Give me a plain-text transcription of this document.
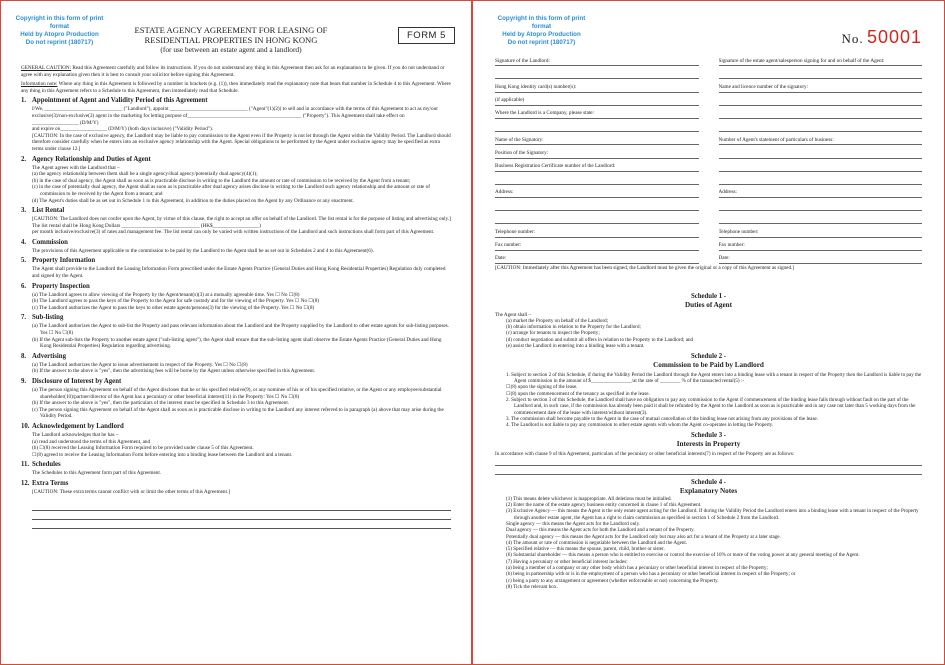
Copyright in this form of print format
Held by Atopro Production
Do not reprint (180717)
ESTATE AGENCY AGREEMENT FOR LEASING OF
RESIDENTIAL PROPERTIES IN HONG KONG
(for use between an estate agent and a landlord)
FORM 5

GENERAL CAUTION: Read this Agreement carefully and follow its instructions. If you do not understand any thing in this Agreement then ask for an explanation to be given. If you do not understand or agree with any explanation given then it is best to consult your solicitor before signing this Agreement.

Information note: Where any thing in this Agreement is followed by a number in brackets (e.g. (1)), then immediately read the explanatory note that bears that number in Schedule 4 to this Agreement. Where any thing in this Agreement refers to a Schedule to this Agreement, then immediately read that Schedule.

1. Appointment of Agent and Validity Period of this Agreement
I/We, ______________________________ ("Landlord"), appoint ______________________________ ("Agent"(1)(2)) to sell and in accordance with the terms of this Agreement to act as my/our exclusive(3)/non-exclusive(3) agent in the marketing for letting purpose of____________________________________________ ("Property"). This Agreement shall take effect on __________________ (D/M/Y)
and expire on__________________ (D/M/Y) (both days inclusive) ("Validity Period").
[CAUTION: In the case of exclusive agency, the Landlord may be liable to pay commission to the Agent even if the Property is not let through the Agent within the Validity Period. The Landlord should therefore consider carefully when he enters into an exclusive agency relationship with the Agent. Special obligations to be performed by the Agent under exclusive agency may be specified as extra terms under clause 12.]
2. Agency Relationship and Duties of Agent
The Agent agrees with the Landlord that –
(a) the agency relationship between them shall be a single agency/dual agency/potentially dual agency(4)(1);
(b) in the case of dual agency, the Agent shall as soon as is practicable disclose in writing to the Landlord the amount or rate of commission to be received by the Agent from a tenant;
(c) in the case of potentially dual agency, the Agent shall as soon as is practicable after dual agency arises disclose in writing to the Landlord such agency relationship and the amount or rate of commission to be received by the Agent from a tenant; and
(d) The Agent's duties shall be as set out in Schedule 1 to this Agreement, in addition to the duties placed on the Agent by any Ordinance or any enactment.
3. List Rental
[CAUTION: The Landlord does not confer upon the Agent, by virtue of this clause, the right to accept an offer on behalf of the Landlord. The list rental is for the purpose of listing and advertising only.]
The list rental shall be Hong Kong Dollars ______________________________ (HK$__________________)
per month inclusive/exclusive(3) of rates and management fee. The list rental can only be varied with written instructions of the Landlord and such instructions shall form part of this Agreement.
4. Commission
The provisions of this Agreement applicable to the commission to be paid by the Landlord to the Agent shall be as set out in Schedules 2 and 4 to this Agreement(6).
5. Property Information
The Agent shall provide to the Landlord the Leasing Information Form prescribed under the Estate Agents Practice (General Duties and Hong Kong Residential Properties) Regulation duly completed and signed by the Agent.
6. Property Inspection
(a) The Landlord agrees to allow viewing of the Property by the Agent/tenant(s)(3) at a mutually agreeable time. Yes ☐ No ☐(8)
(b) The Landlord agrees to pass the keys of the Property to the Agent for safe custody and for the viewing of the Property. Yes ☐ No ☐(8)
(c) The Landlord authorizes the Agent to pass the keys to other estate agents/persons(3) for the viewing of the Property. Yes ☐ No ☐(8)
7. Sub-listing
(a) The Landlord authorizes the Agent to sub-list the Property and pass relevant information about the Landlord and the Property supplied by the Landlord to other estate agents for sub-listing purposes. Yes ☐ No ☐(8)
(b) If the Agent sub-lists the Property to another estate agent ("sub-listing agent"), the Agent shall ensure that the sub-listing agent shall observe the Estate Agents Practice (General Duties and Hong Kong Residential Properties) Regulation regarding advertising.
8. Advertising
(a) The Landlord authorizes the Agent to issue advertisement in respect of the Property. Yes ☐ No ☐(8)
(b) If the answer to the above is "yes", then the advertising fees will be borne by the Agent unless otherwise specified in this Agreement.
9. Disclosure of Interest by Agent
(a) The person signing this Agreement on behalf of the Agent discloses that he or his specified relative(9), or any nominee of his or of his specified relative, or the Agent or any employee/substantial shareholder(10)/partner/director of the Agent has a pecuniary or other beneficial interest(11) in the Property: Yes ☐ No ☐(8)
(b) If the answer to the above is "yes", then the particulars of the interest must be specified in Schedule 3 to this Agreement.
(c) The person signing this Agreement on behalf of the Agent shall as soon as is practicable disclose in writing to the Landlord any interest referred to in paragraph (a) above that may arise during the Validity Period.
10. Acknowledgement by Landlord
The Landlord acknowledges that he has –
(a) read and understood the terms of this Agreement, and
(b) ☐(8) received the Leasing Information Form required to be provided under clause 5 of this Agreement.
☐(8) agreed to receive the Leasing Information Form before entering into a binding lease between the Landlord and a tenant.
11. Schedules
The Schedules to this Agreement form part of this Agreement.
12. Extra Terms
[CAUTION: These extra terms cannot conflict with or limit the other terms of this Agreement.]
Copyright in this form of print format
Held by Atopro Production
Do not reprint (180717)	No. 50001
Signature of the Landlord:
Hong Kong identity card(s) number(s):
(if applicable)
Where the Landlord is a Company, please state:
Name of the Signatory:
Position of the Signatory:
Business Registration Certificate number of the Landlord:
Address:
Telephone number:
Fax number:
Date:
Signature of the estate agent/salesperson signing for and on behalf of the Agent:
Name and licence number of the signatory:
Number of Agent's statement of particulars of business:
Address:
Telephone number:
Fax number:
Date:
[CAUTION: Immediately after this Agreement has been signed, the Landlord must be given the original or a copy of this Agreement as signed.]
Schedule 1 -
Duties of Agent
The Agent shall –
(a) market the Property on behalf of the Landlord;
(b) obtain information in relation to the Property for the Landlord;
(c) arrange for tenants to inspect the Property;
(d) conduct negotiation and submit all offers in relation to the Property to the Landlord; and
(e) assist the Landlord in entering into a binding lease with a tenant.
Schedule 2 -
Commission to be Paid by Landlord
1. Subject to section 2 of this Schedule, if during the Validity Period the Landlord through the Agent enters into a binding lease with a tenant in respect of the Property then the Landlord is liable to pay the Agent commission in the amount of $________________/at the rate of ________ % of the transacted rental(5) :-
☐(8) upon the signing of the lease.
☐(8) upon the commencement of the tenancy as specified in the lease.
2. Subject to section 3 of this Schedule, the Landlord shall have no obligation to pay any commission to the Agent if commencement of the binding lease falls through without fault on the part of the Landlord and, in such case, if the commission has already been paid it shall be refunded by the Agent to the Landlord as soon as is practicable and in any case not later than 5 working days from the commencement date of the lease with interest/without interest(3).
3. The commission shall become payable to the Agent in the case of mutual cancellation of the binding lease not arising from any provisions of the lease.
4. The Landlord is not liable to pay any commission to other estate agents with whom the Agent co-operates in letting the Property.
Schedule 3 -
Interests in Property
In accordance with clause 9 of this Agreement, particulars of the pecuniary or other beneficial interests(7) in respect of the Property are as follows:
Schedule 4 -
Explanatory Notes
(1) This means delete whichever is inappropriate. All deletions must be initialled.
(2) Enter the name of the estate agency business entity concerned in clause 1 of this Agreement.
(3) Exclusive Agency — this means the Agent is the only estate agent acting for the Landlord. If during the Validity Period the Landlord enters into a binding lease with a tenant in respect of the Property through another estate agent, the Agent has a right to claim commission as specified in section 1 of Schedule 2 from the Landlord.
Single agency — this means the Agent acts for the Landlord only.
Dual agency — this means the Agent acts for both the Landlord and a tenant of the Property.
Potentially dual agency — this means the Agent acts for the Landlord only but may also act for a tenant of the Property at a later stage.
(4) The amount or rate of commission is negotiable between the Landlord and the Agent.
(5) Specified relative — this means the spouse, parent, child, brother or sister.
(6) Substantial shareholder — this means a person who is entitled to exercise or control the exercise of 10% or more of the voting power at any general meeting of the Agent.
(7) Having a pecuniary or other beneficial interest includes:
(a) being a member of a company or any other body which has a pecuniary or other beneficial interest in respect of the Property;
(b) being in partnership with or is in the employment of a person who has a pecuniary or other beneficial interest in respect of the Property; or
(c) being a party to any arrangement or agreement (whether enforceable or not) concerning the Property.
(8) Tick the relevant box.
